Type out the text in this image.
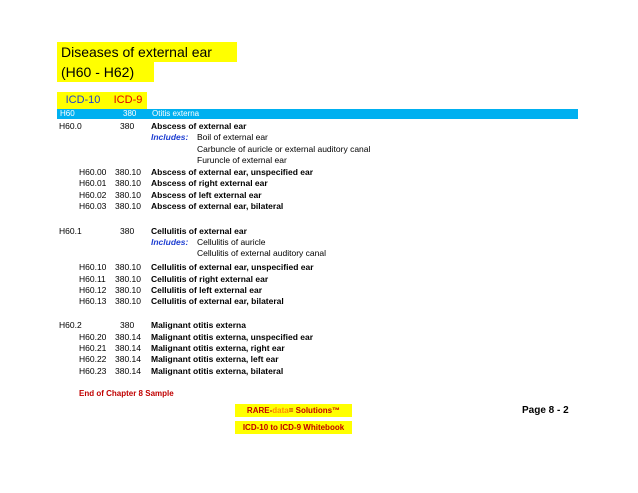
Diseases of external ear
(H60 - H62)
ICD-10	ICD-9
H60	380 Otitis externa
H60.0	380 Abscess of external ear
Includes: Boil of external ear
Carbuncle of auricle or external auditory canal
Furuncle of external ear
H60.00 380.10 Abscess of external ear, unspecified ear
H60.01 380.10 Abscess of right external ear
H60.02 380.10 Abscess of left external ear
H60.03 380.10 Abscess of external ear, bilateral
H60.1	380 Cellulitis of external ear
Includes: Cellulitis of auricle
Cellulitis of external auditory canal
H60.10 380.10 Cellulitis of external ear, unspecified ear
H60.11 380.10 Cellulitis of right external ear
H60.12 380.10 Cellulitis of left external ear
H60.13 380.10 Cellulitis of external ear, bilateral
H60.2	380 Malignant otitis externa
H60.20 380.14 Malignant otitis externa, unspecified ear
H60.21 380.14 Malignant otitis externa, right ear
H60.22 380.14 Malignant otitis externa, left ear
H60.23 380.14 Malignant otitis externa, bilateral
End of Chapter 8 Sample
RARE-data= Solutions™
ICD-10 to ICD-9 Whitebook
Page 8 - 2
